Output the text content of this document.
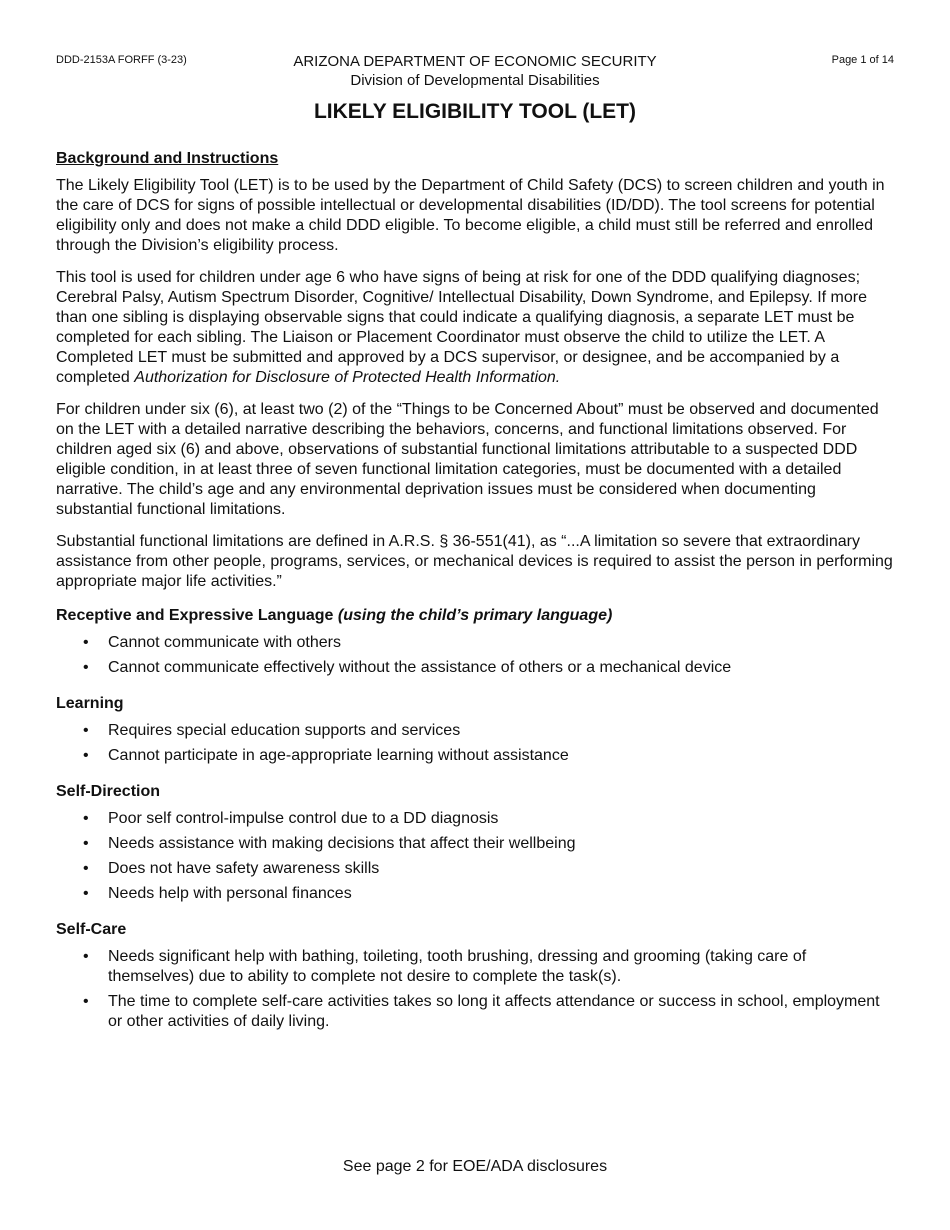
DDD-2153A FORFF (3-23)	ARIZONA DEPARTMENT OF ECONOMIC SECURITY
Division of Developmental Disabilities
Page 1 of 14
LIKELY ELIGIBILITY TOOL (LET)
Background and Instructions

The Likely Eligibility Tool (LET) is to be used by the Department of Child Safety (DCS) to screen children and youth in the care of DCS for signs of possible intellectual or developmental disabilities (ID/DD). The tool screens for potential eligibility only and does not make a child DDD eligible. To become eligible, a child must still be referred and enrolled through the Division’s eligibility process.

This tool is used for children under age 6 who have signs of being at risk for one of the DDD qualifying diagnoses; Cerebral Palsy, Autism Spectrum Disorder, Cognitive/ Intellectual Disability, Down Syndrome, and Epilepsy. If more than one sibling is displaying observable signs that could indicate a qualifying diagnosis, a separate LET must be completed for each sibling. The Liaison or Placement Coordinator must observe the child to utilize the LET. A Completed LET must be submitted and approved by a DCS supervisor, or designee, and be accompanied by a completed Authorization for Disclosure of Protected Health Information.

For children under six (6), at least two (2) of the “Things to be Concerned About” must be observed and documented on the LET with a detailed narrative describing the behaviors, concerns, and functional limitations observed. For children aged six (6) and above, observations of substantial functional limitations attributable to a suspected DDD eligible condition, in at least three of seven functional limitation categories, must be documented with a detailed narrative. The child’s age and any environmental deprivation issues must be considered when documenting substantial functional limitations.

Substantial functional limitations are defined in A.R.S. § 36-551(41), as “...A limitation so severe that extraordinary assistance from other people, programs, services, or mechanical devices is required to assist the person in performing appropriate major life activities.”

Receptive and Expressive Language (using the child’s primary language)
• Cannot communicate with others
• Cannot communicate effectively without the assistance of others or a mechanical device
Learning
• Requires special education supports and services
• Cannot participate in age-appropriate learning without assistance
Self-Direction
• Poor self control-impulse control due to a DD diagnosis
• Needs assistance with making decisions that affect their wellbeing
• Does not have safety awareness skills
• Needs help with personal finances
Self-Care
• Needs significant help with bathing, toileting, tooth brushing, dressing and grooming (taking care of themselves) due to ability to complete not desire to complete the task(s).
• The time to complete self-care activities takes so long it affects attendance or success in school, employment or other activities of daily living.
See page 2 for EOE/ADA disclosures
